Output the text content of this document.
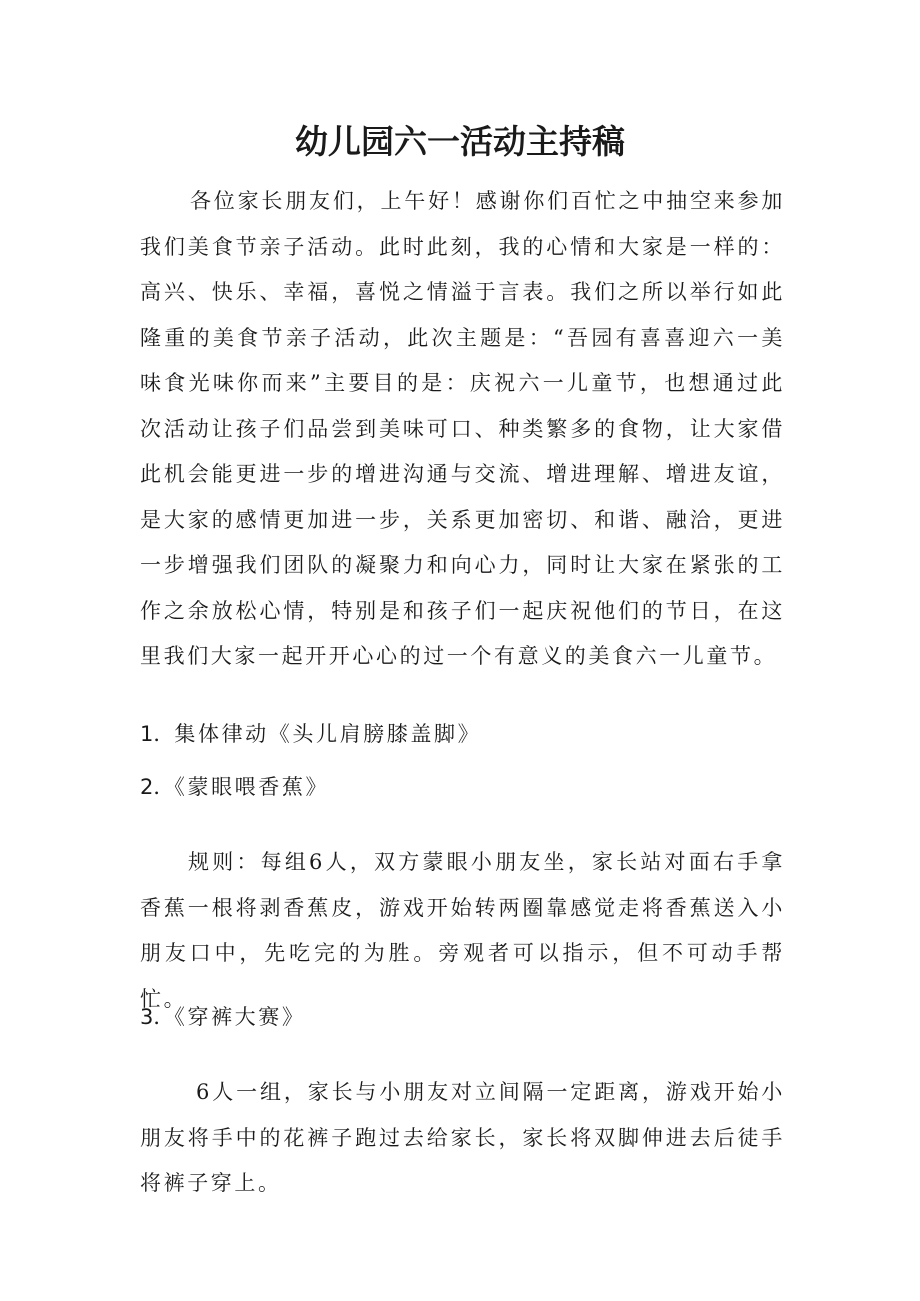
幼儿园六一活动主持稿

各位家长朋友们，上午好！感谢你们百忙之中抽空来参加我们美食节亲子活动。此时此刻，我的心情和大家是一样的：高兴、快乐、幸福，喜悦之情溢于言表。我们之所以举行如此隆重的美食节亲子活动，此次主题是：“吾园有喜喜迎六一美味食光味你而来”主要目的是：庆祝六一儿童节，也想通过此次活动让孩子们品尝到美味可口、种类繁多的食物，让大家借此机会能更进一步的增进沟通与交流、增进理解、增进友谊，是大家的感情更加进一步，关系更加密切、和谐、融洽，更进一步增强我们团队的凝聚力和向心力，同时让大家在紧张的工作之余放松心情，特别是和孩子们一起庆祝他们的节日，在这里我们大家一起开开心心的过一个有意义的美食六一儿童节。

1．集体律动《头儿肩膀膝盖脚》

2．《蒙眼喂香蕉》

规则：每组6人，双方蒙眼小朋友坐，家长站对面右手拿香蕉一根将剥香蕉皮，游戏开始转两圈靠感觉走将香蕉送入小朋友口中，先吃完的为胜。旁观者可以指示，但不可动手帮忙。

3．《穿裤大赛》

6人一组，家长与小朋友对立间隔一定距离，游戏开始小朋友将手中的花裤子跑过去给家长，家长将双脚伸进去后徒手将裤子穿上。
